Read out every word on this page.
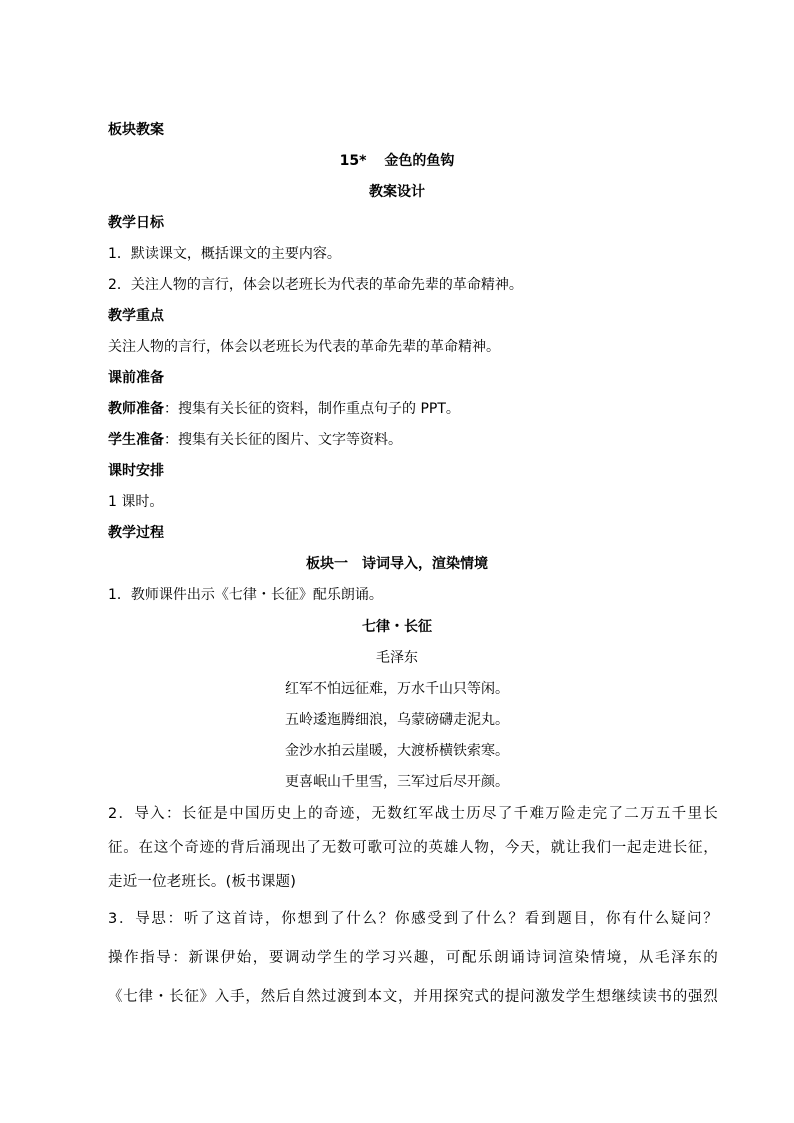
板块教案
15* 金色的鱼钩
教案设计
教学日标
1．默读课文，概括课文的主要内容。
2．关注人物的言行，体会以老班长为代表的革命先辈的革命精神。
教学重点
关注人物的言行，体会以老班长为代表的革命先辈的革命精神。
课前准备
教师准备：搜集有关长征的资料，制作重点句子的 PPT。
学生准备：搜集有关长征的图片、文字等资料。
课时安排
1 课时。
教学过程
板块一　诗词导入，渲染情境
1．教师课件出示《七律・长征》配乐朗诵。
七律・长征
毛泽东
红军不怕远征难，万水千山只等闲。
五岭逶迤腾细浪，乌蒙磅礴走泥丸。
金沙水拍云崖暖，大渡桥横铁索寒。
更喜岷山千里雪，三军过后尽开颜。
2．导入：长征是中国历史上的奇迹，无数红军战士历尽了千难万险走完了二万五千里长
征。在这个奇迹的背后涌现出了无数可歌可泣的英雄人物，今天，就让我们一起走进长征，
走近一位老班长。(板书课题)
3．导思：听了这首诗，你想到了什么？你感受到了什么？看到题目，你有什么疑问？
操作指导：新课伊始，要调动学生的学习兴趣，可配乐朗诵诗词渲染情境，从毛泽东的
《七律・长征》入手，然后自然过渡到本文，并用探究式的提问激发学生想继续读书的强烈
